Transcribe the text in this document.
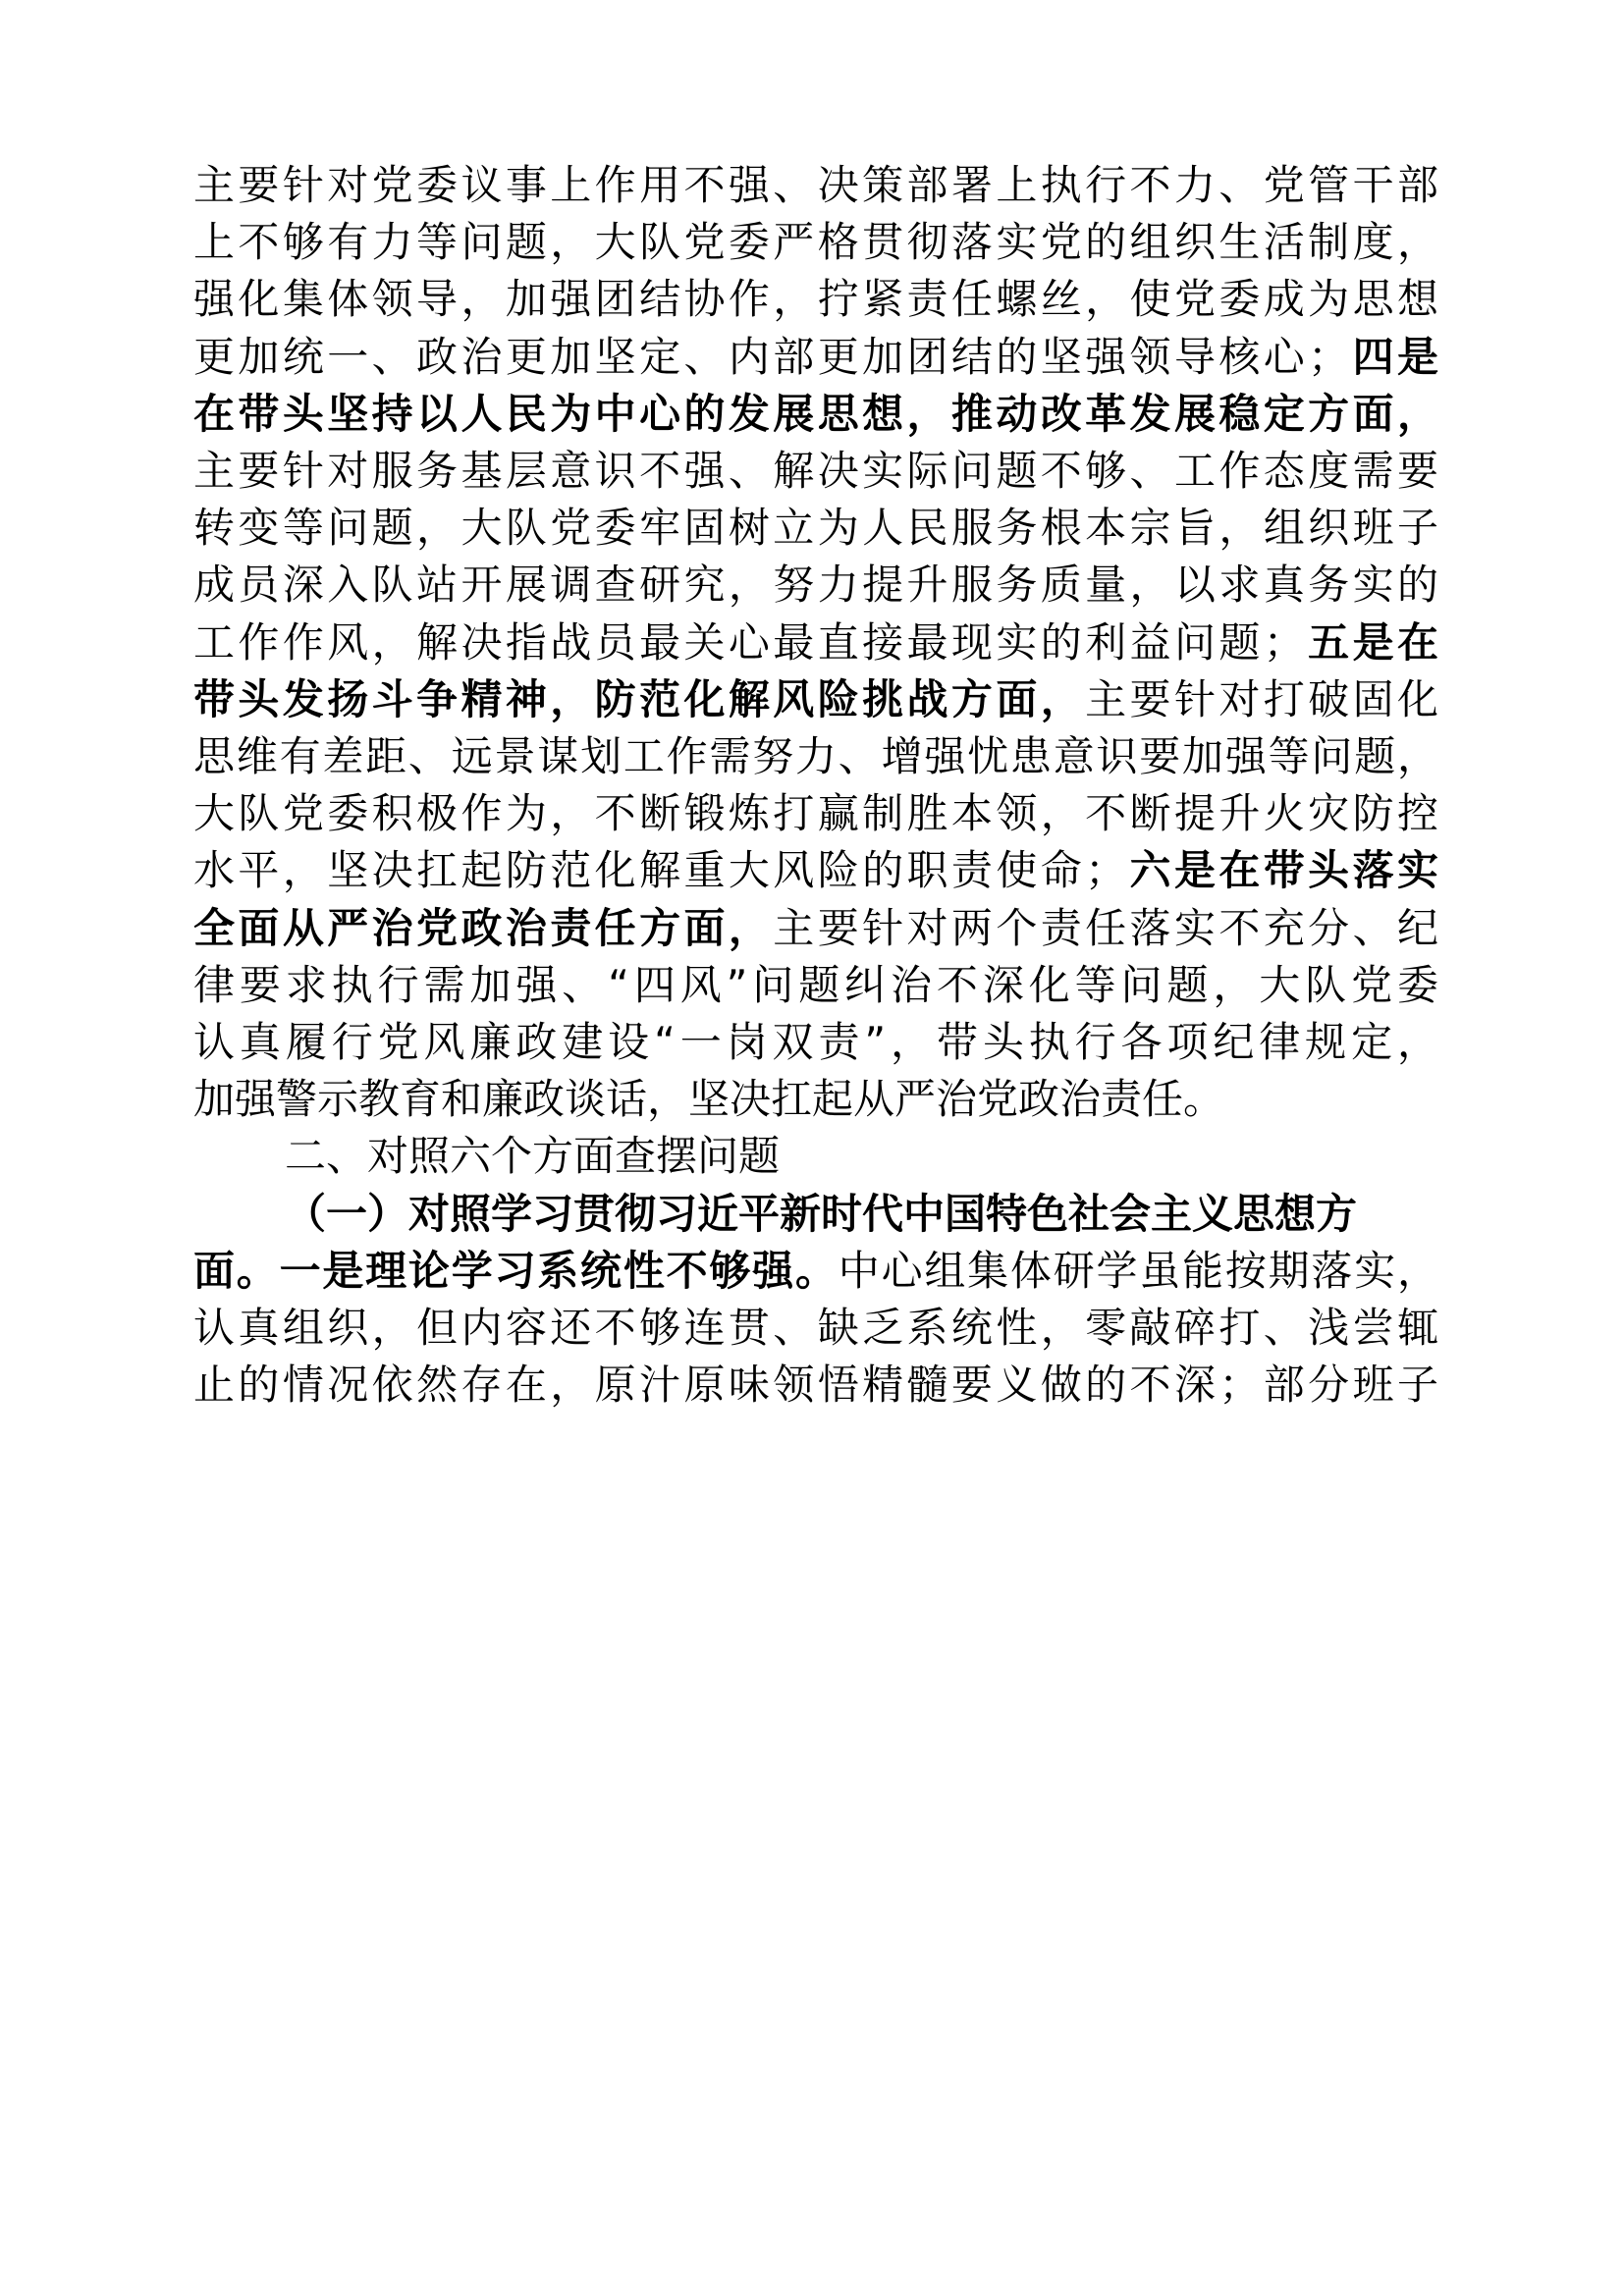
主要针对党委议事上作用不强、决策部署上执行不力、党管干部
上不够有力等问题，大队党委严格贯彻落实党的组织生活制度，
强化集体领导，加强团结协作，拧紧责任螺丝，使党委成为思想
更加统一、政治更加坚定、内部更加团结的坚强领导核心；四是
在带头坚持以人民为中心的发展思想，推动改革发展稳定方面，
主要针对服务基层意识不强、解决实际问题不够、工作态度需要
转变等问题，大队党委牢固树立为人民服务根本宗旨，组织班子
成员深入队站开展调查研究，努力提升服务质量，以求真务实的
工作作风，解决指战员最关心最直接最现实的利益问题；五是在
带头发扬斗争精神，防范化解风险挑战方面，主要针对打破固化
思维有差距、远景谋划工作需努力、增强忧患意识要加强等问题，
大队党委积极作为，不断锻炼打赢制胜本领，不断提升火灾防控
水平，坚决扛起防范化解重大风险的职责使命；六是在带头落实
全面从严治党政治责任方面，主要针对两个责任落实不充分、纪
律要求执行需加强、“四风”问题纠治不深化等问题，大队党委
认真履行党风廉政建设“一岗双责”，带头执行各项纪律规定，
加强警示教育和廉政谈话，坚决扛起从严治党政治责任。
二、对照六个方面查摆问题
（一）对照学习贯彻习近平新时代中国特色社会主义思想方
面。一是理论学习系统性不够强。中心组集体研学虽能按期落实，
认真组织，但内容还不够连贯、缺乏系统性，零敲碎打、浅尝辄
止的情况依然存在，原汁原味领悟精髓要义做的不深；部分班子
